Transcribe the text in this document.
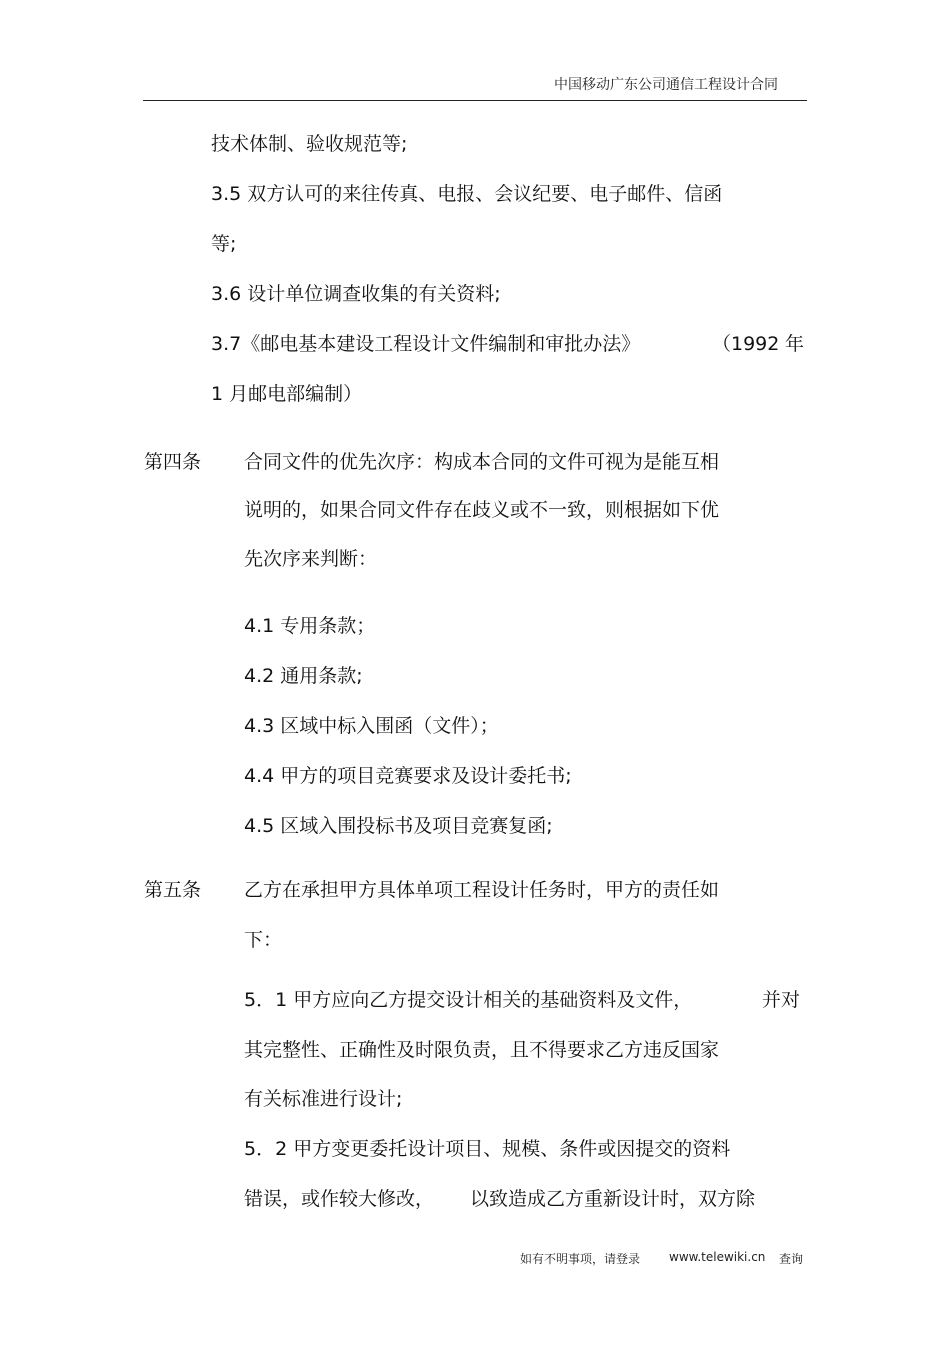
中国移动广东公司通信工程设计合同
技术体制、验收规范等;
3.5 双方认可的来往传真、电报、会议纪要、电子邮件、信函
等;
3.6 设计单位调查收集的有关资料;
3.7《邮电基本建设工程设计文件编制和审批办法》	（1992 年
1 月邮电部编制）
第四条 合同文件的优先次序：构成本合同的文件可视为是能互相
说明的，如果合同文件存在歧义或不一致，则根据如下优
先次序来判断：
4.1 专用条款；
4.2 通用条款;
4.3 区域中标入围函（文件）；
4.4 甲方的项目竞赛要求及设计委托书;
4.5 区域入围投标书及项目竞赛复函;
第五条 乙方在承担甲方具体单项工程设计任务时，甲方的责任如
下：
5．1 甲方应向乙方提交设计相关的基础资料及文件，	并对
其完整性、正确性及时限负责，且不得要求乙方违反国家
有关标准进行设计;
5．2 甲方变更委托设计项目、规模、条件或因提交的资料
错误，或作较大修改， 以致造成乙方重新设计时，双方除
如有不明事项，请登录 www.telewiki.cn 查询
